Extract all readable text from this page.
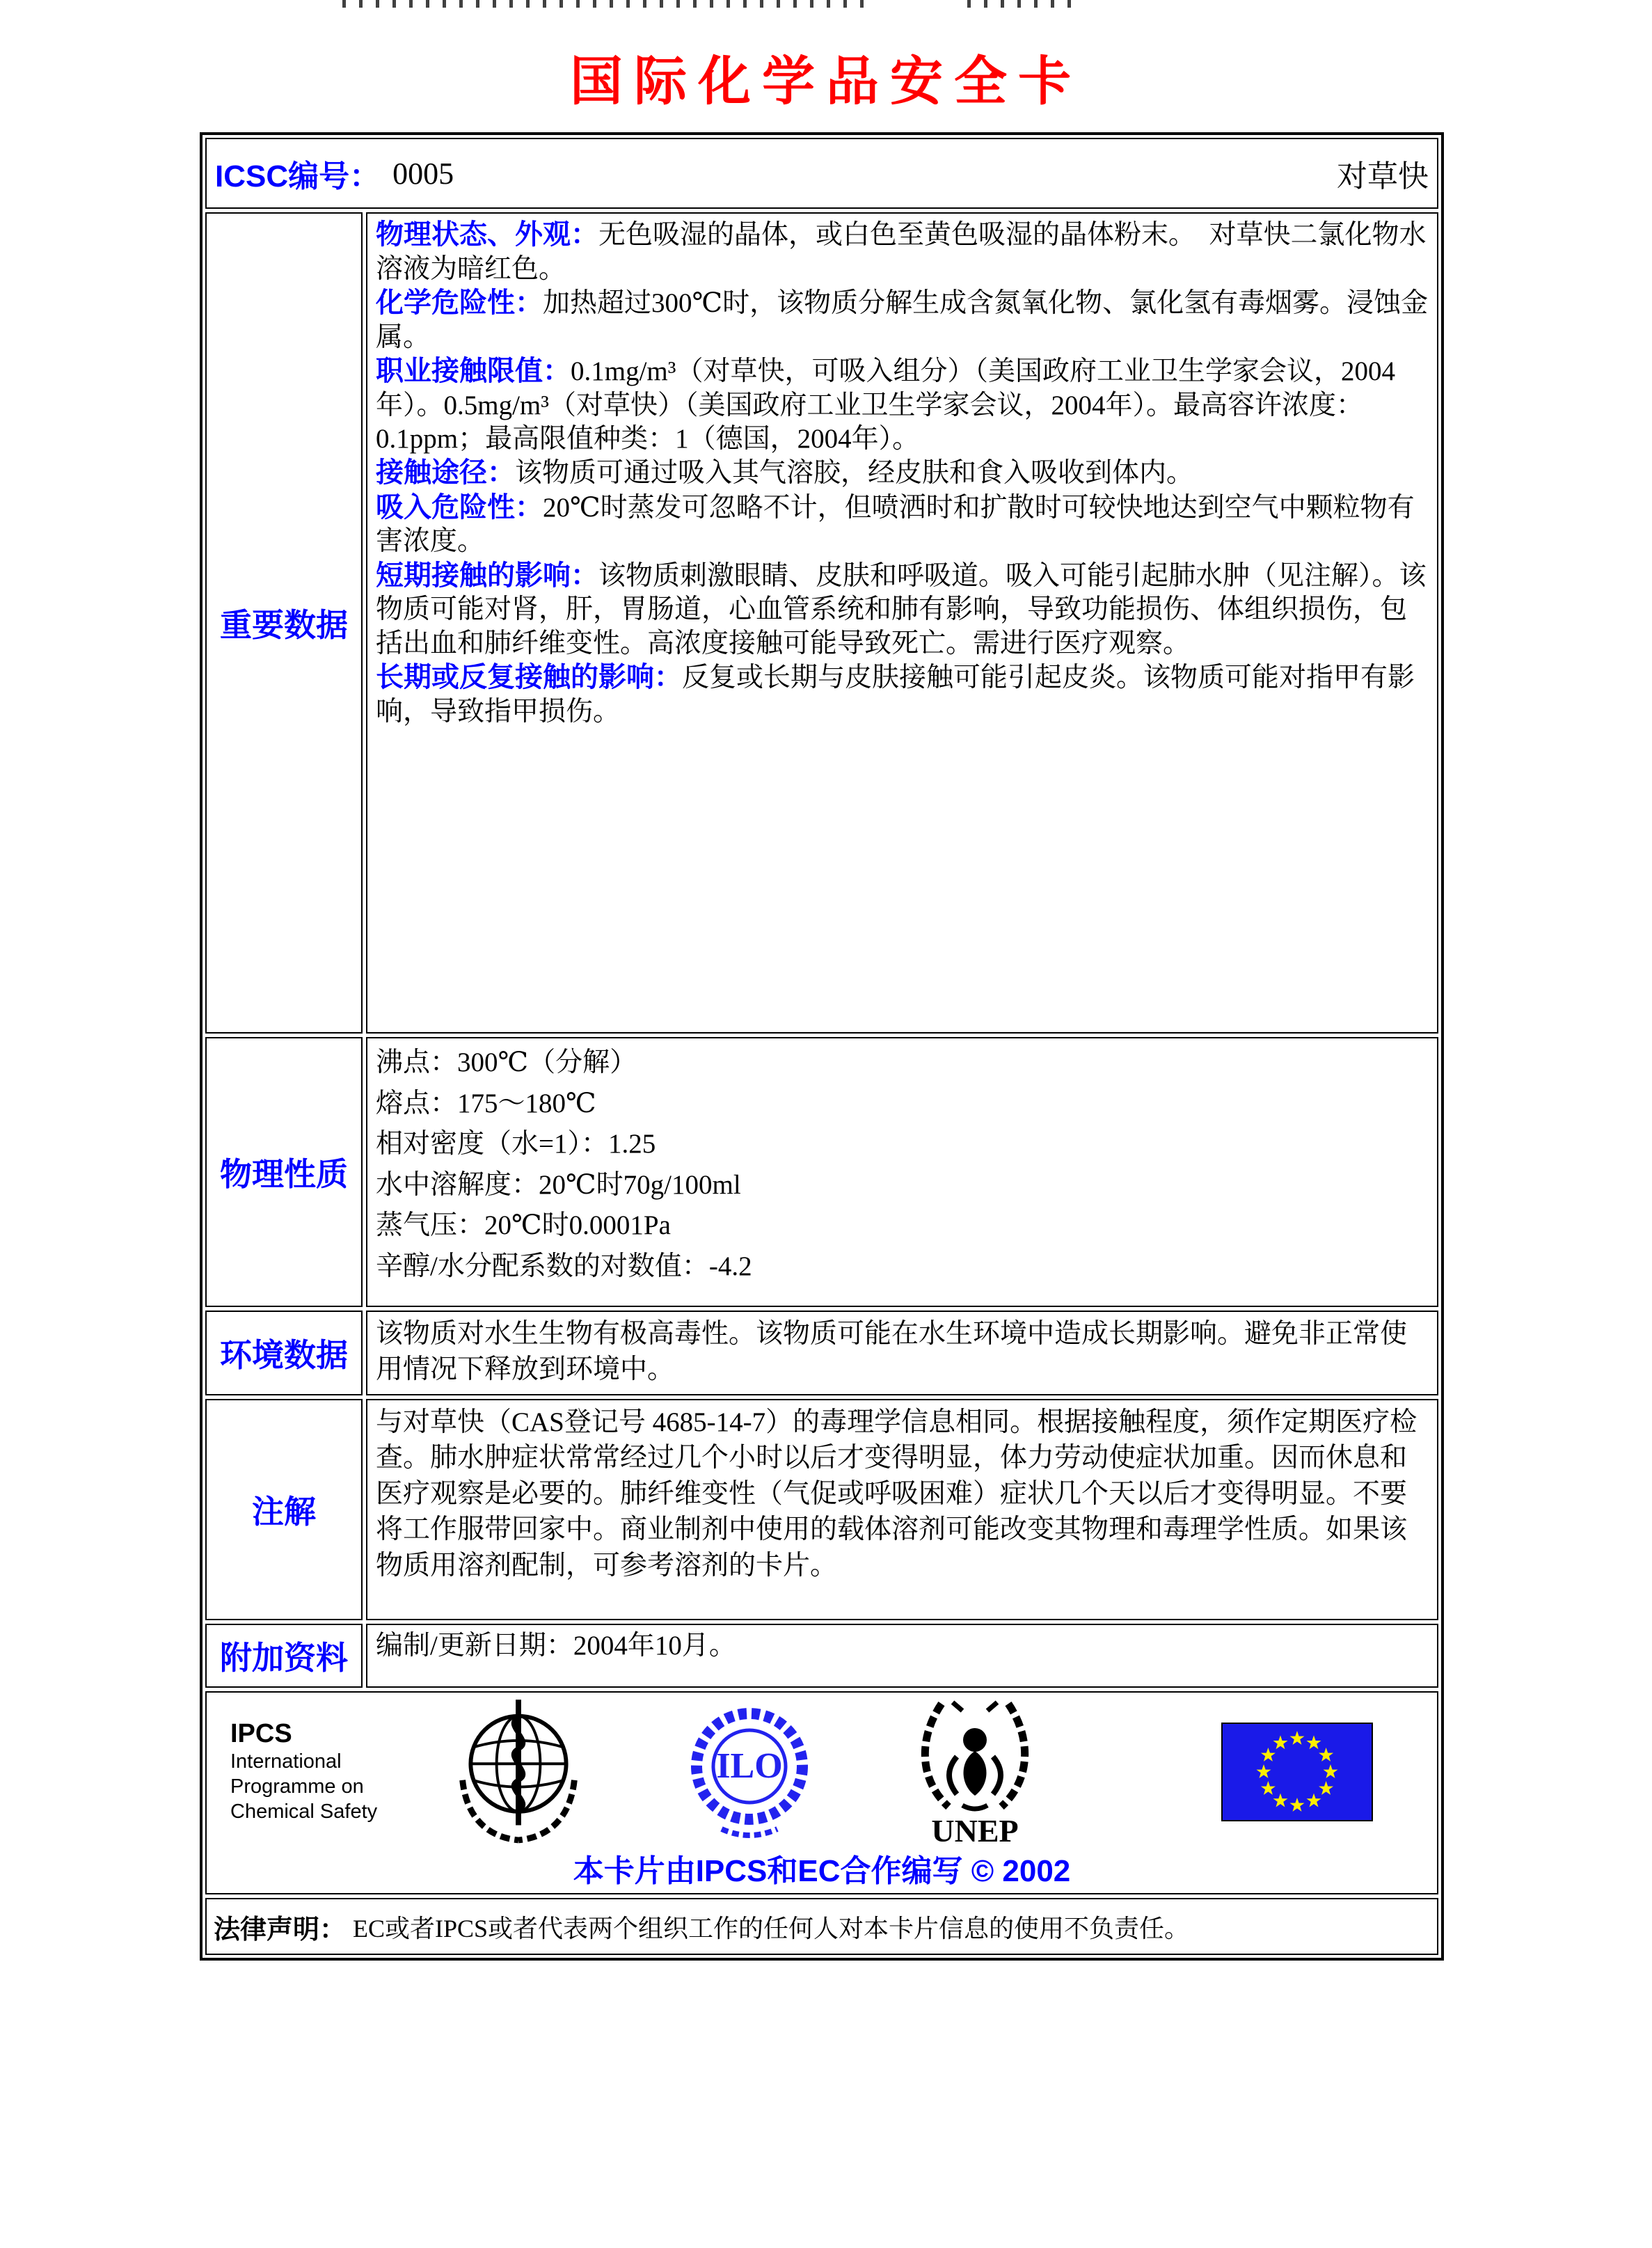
国际化学品安全卡
ICSC编号： 0005	对草快
重要数据
物理状态、外观：无色吸湿的晶体，或白色至黄色吸湿的晶体粉末。　对草快二氯化物水溶液为暗红色。
化学危险性：加热超过300℃时，该物质分解生成含氮氧化物、氯化氢有毒烟雾。浸蚀金属。
职业接触限值：0.1mg/m³（对草快，可吸入组分）（美国政府工业卫生学家会议，2004年）。0.5mg/m³（对草快）（美国政府工业卫生学家会议，2004年）。最高容许浓度：0.1ppm；最高限值种类：1（德国，2004年）。
接触途径：该物质可通过吸入其气溶胶，经皮肤和食入吸收到体内。
吸入危险性：20℃时蒸发可忽略不计，但喷洒时和扩散时可较快地达到空气中颗粒物有害浓度。
短期接触的影响：该物质刺激眼睛、皮肤和呼吸道。吸入可能引起肺水肿（见注解）。该物质可能对肾，肝，胃肠道，心血管系统和肺有影响，导致功能损伤、体组织损伤，包括出血和肺纤维变性。高浓度接触可能导致死亡。需进行医疗观察。
长期或反复接触的影响：反复或长期与皮肤接触可能引起皮炎。该物质可能对指甲有影响，导致指甲损伤。
物理性质
沸点：300℃（分解）
熔点：175～180℃
相对密度（水=1）：1.25
水中溶解度：20℃时70g/100ml
蒸气压：20℃时0.0001Pa
辛醇/水分配系数的对数值：-4.2
环境数据
该物质对水生生物有极高毒性。该物质可能在水生环境中造成长期影响。避免非正常使用情况下释放到环境中。
注解
与对草快（CAS登记号 4685-14-7）的毒理学信息相同。根据接触程度，须作定期医疗检查。肺水肿症状常常经过几个小时以后才变得明显，体力劳动使症状加重。因而休息和医疗观察是必要的。肺纤维变性（气促或呼吸困难）症状几个天以后才变得明显。不要将工作服带回家中。商业制剂中使用的载体溶剂可能改变其物理和毒理学性质。如果该物质用溶剂配制，可参考溶剂的卡片。
附加资料	编制/更新日期：2004年10月。
IPCS
International
Programme on
Chemical Safety
ILO
UNEP
本卡片由IPCS和EC合作编写 © 2002
法律声明： EC或者IPCS或者代表两个组织工作的任何人对本卡片信息的使用不负责任。
